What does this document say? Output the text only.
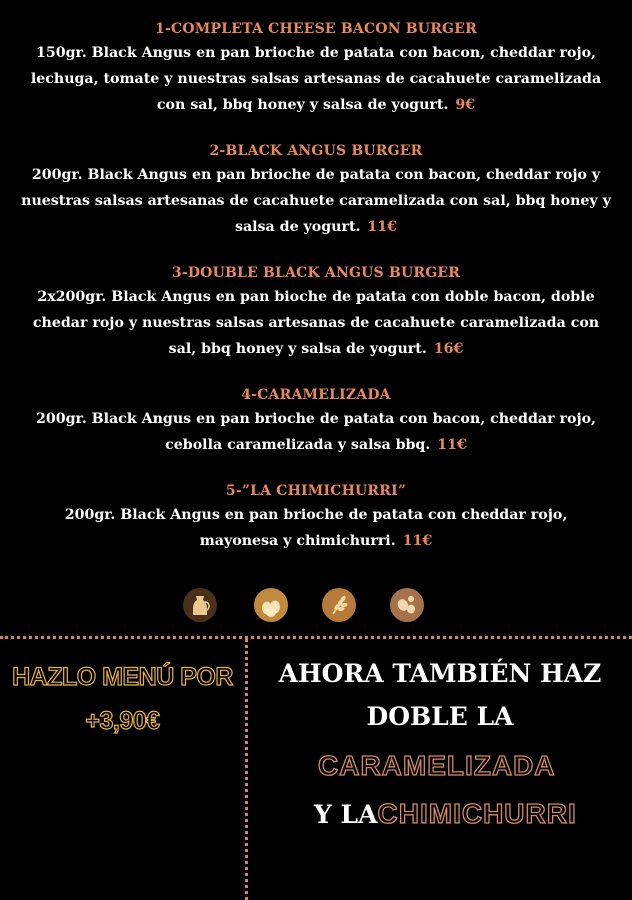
1-COMPLETA CHEESE BACON BURGER
150gr. Black Angus en pan brioche de patata con bacon, cheddar rojo, lechuga, tomate y nuestras salsas artesanas de cacahuete caramelizada con sal, bbq honey y salsa de yogurt. 9€
2-BLACK ANGUS BURGER
200gr. Black Angus en pan brioche de patata con bacon, cheddar rojo y nuestras salsas artesanas de cacahuete caramelizada con sal, bbq honey y salsa de yogurt. 11€
3-DOUBLE BLACK ANGUS BURGER
2x200gr. Black Angus en pan bioche de patata con doble bacon, doble chedar rojo y nuestras salsas artesanas de cacahuete caramelizada con sal, bbq honey y salsa de yogurt. 16€
4-CARAMELIZADA
200gr. Black Angus en pan brioche de patata con bacon, cheddar rojo, cebolla caramelizada y salsa bbq. 11€
5-”LA CHIMICHURRI”
200gr. Black Angus en pan brioche de patata con cheddar rojo, mayonesa y chimichurri. 11€
HAZLO MENÚ POR
+3,90€
AHORA TAMBIÉN HAZ
DOBLE LA
CARAMELIZADA
Y LACHIMICHURRI
